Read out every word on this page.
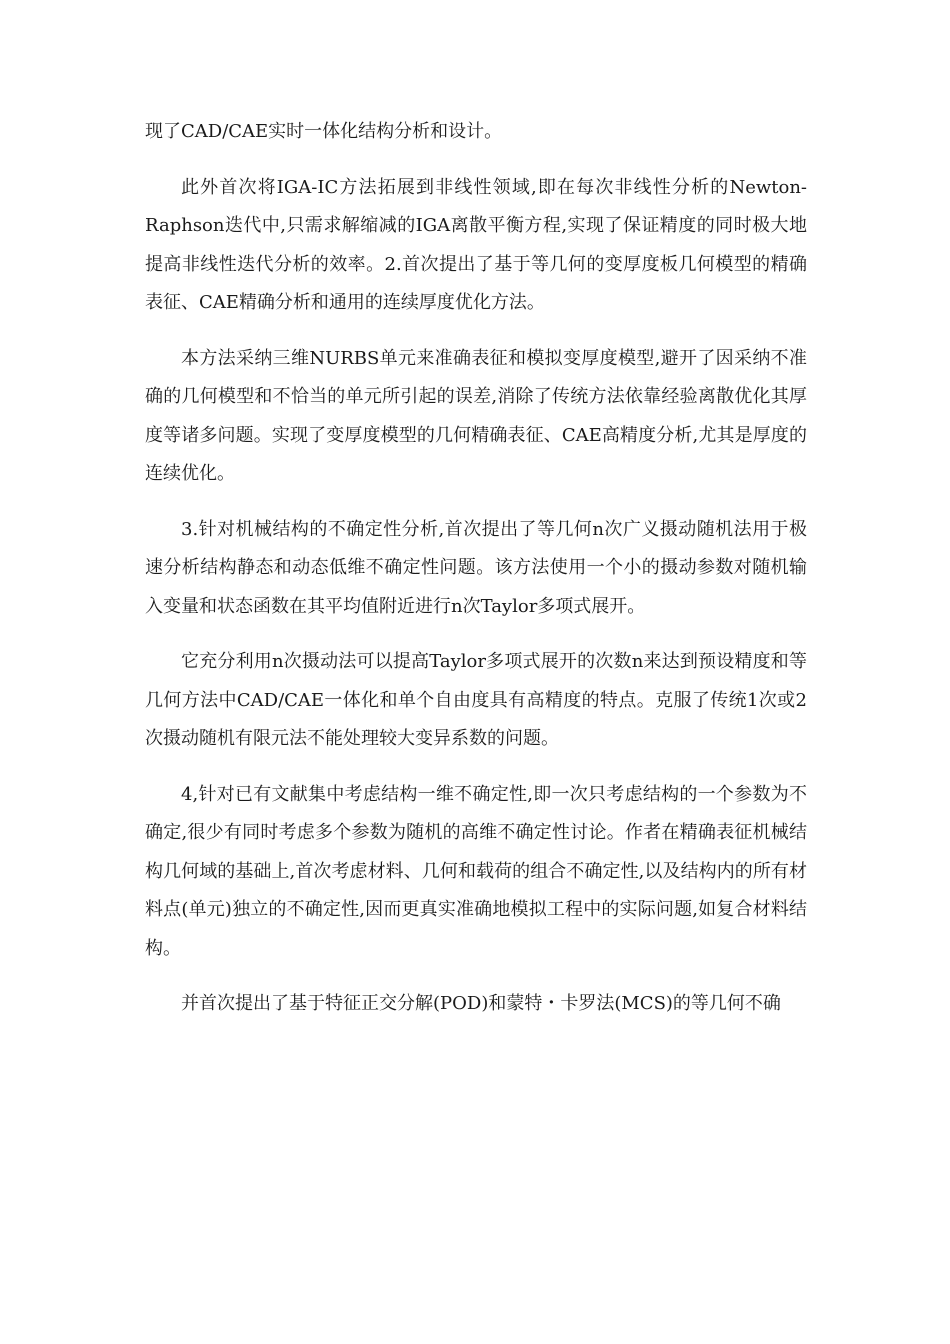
现了CAD/CAE实时一体化结构分析和设计。

此外首次将IGA-IC方法拓展到非线性领域,即在每次非线性分析的Newton-Raphson迭代中,只需求解缩减的IGA离散平衡方程,实现了保证精度的同时极大地提高非线性迭代分析的效率。2.首次提出了基于等几何的变厚度板几何模型的精确表征、CAE精确分析和通用的连续厚度优化方法。

本方法采纳三维NURBS单元来准确表征和模拟变厚度模型,避开了因采纳不准确的几何模型和不恰当的单元所引起的误差,消除了传统方法依靠经验离散优化其厚度等诸多问题。实现了变厚度模型的几何精确表征、CAE高精度分析,尤其是厚度的连续优化。

3.针对机械结构的不确定性分析,首次提出了等几何n次广义摄动随机法用于极速分析结构静态和动态低维不确定性问题。该方法使用一个小的摄动参数对随机输入变量和状态函数在其平均值附近进行n次Taylor多项式展开。

它充分利用n次摄动法可以提高Taylor多项式展开的次数n来达到预设精度和等几何方法中CAD/CAE一体化和单个自由度具有高精度的特点。克服了传统1次或2次摄动随机有限元法不能处理较大变异系数的问题。

4,针对已有文献集中考虑结构一维不确定性,即一次只考虑结构的一个参数为不确定,很少有同时考虑多个参数为随机的高维不确定性讨论。作者在精确表征机械结构几何域的基础上,首次考虑材料、几何和载荷的组合不确定性,以及结构内的所有材料点(单元)独立的不确定性,因而更真实准确地模拟工程中的实际问题,如复合材料结构。

并首次提出了基于特征正交分解(POD)和蒙特・卡罗法(MCS)的等几何不确
